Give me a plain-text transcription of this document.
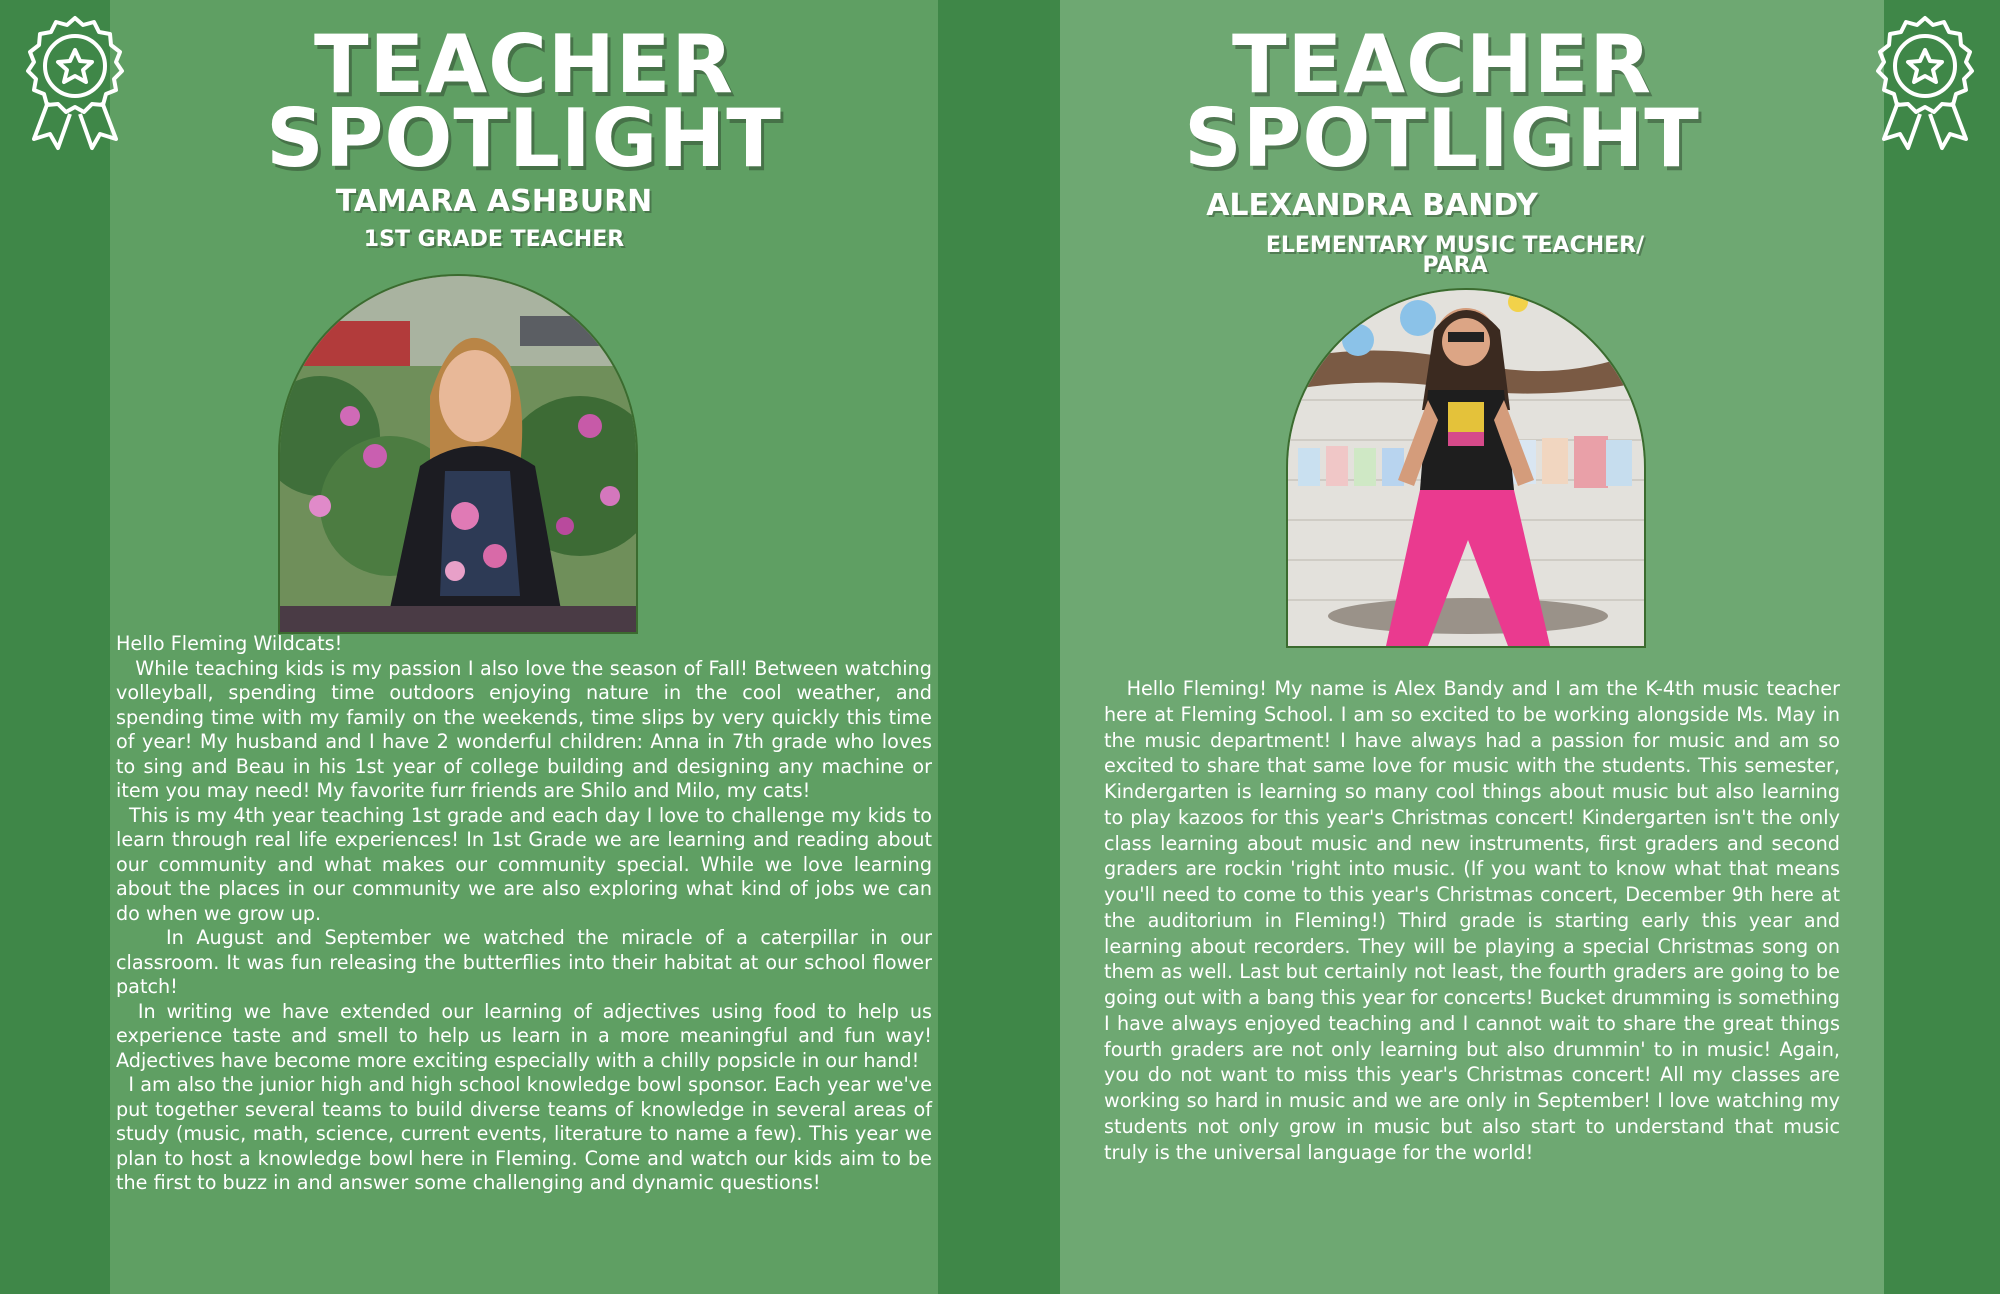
TEACHER
SPOTLIGHT
TAMARA ASHBURN
1ST GRADE TEACHER

Hello Fleming Wildcats!

While teaching kids is my passion I also love the season of Fall! Between watching volleyball, spending time outdoors enjoying nature in the cool weather, and spending time with my family on the weekends, time slips by very quickly this time of year! My husband and I have 2 wonderful children: Anna in 7th grade who loves to sing and Beau in his 1st year of college building and designing any machine or item you may need! My favorite furr friends are Shilo and Milo, my cats!

This is my 4th year teaching 1st grade and each day I love to challenge my kids to learn through real life experiences! In 1st Grade we are learning and reading about our community and what makes our community special. While we love learning about the places in our community we are also exploring what kind of jobs we can do when we grow up.

In August and September we watched the miracle of a caterpillar in our classroom. It was fun releasing the butterflies into their habitat at our school flower patch!

In writing we have extended our learning of adjectives using food to help us experience taste and smell to help us learn in a more meaningful and fun way! Adjectives have become more exciting especially with a chilly popsicle in our hand!

I am also the junior high and high school knowledge bowl sponsor. Each year we've put together several teams to build diverse teams of knowledge in several areas of study (music, math, science, current events, literature to name a few). This year we plan to host a knowledge bowl here in Fleming. Come and watch our kids aim to be the first to buzz in and answer some challenging and dynamic questions!

TEACHER
SPOTLIGHT
ALEXANDRA BANDY
ELEMENTARY MUSIC TEACHER/
PARA

Hello Fleming! My name is Alex Bandy and I am the K-4th music teacher here at Fleming School. I am so excited to be working alongside Ms. May in the music department! I have always had a passion for music and am so excited to share that same love for music with the students. This semester, Kindergarten is learning so many cool things about music but also learning to play kazoos for this year's Christmas concert! Kindergarten isn't the only class learning about music and new instruments, first graders and second graders are rockin 'right into music. (If you want to know what that means you'll need to come to this year's Christmas concert, December 9th here at the auditorium in Fleming!) Third grade is starting early this year and learning about recorders. They will be playing a special Christmas song on them as well. Last but certainly not least, the fourth graders are going to be going out with a bang this year for concerts! Bucket drumming is something I have always enjoyed teaching and I cannot wait to share the great things fourth graders are not only learning but also drummin' to in music! Again, you do not want to miss this year's Christmas concert! All my classes are working so hard in music and we are only in September! I love watching my students not only grow in music but also start to understand that music truly is the universal language for the world!
